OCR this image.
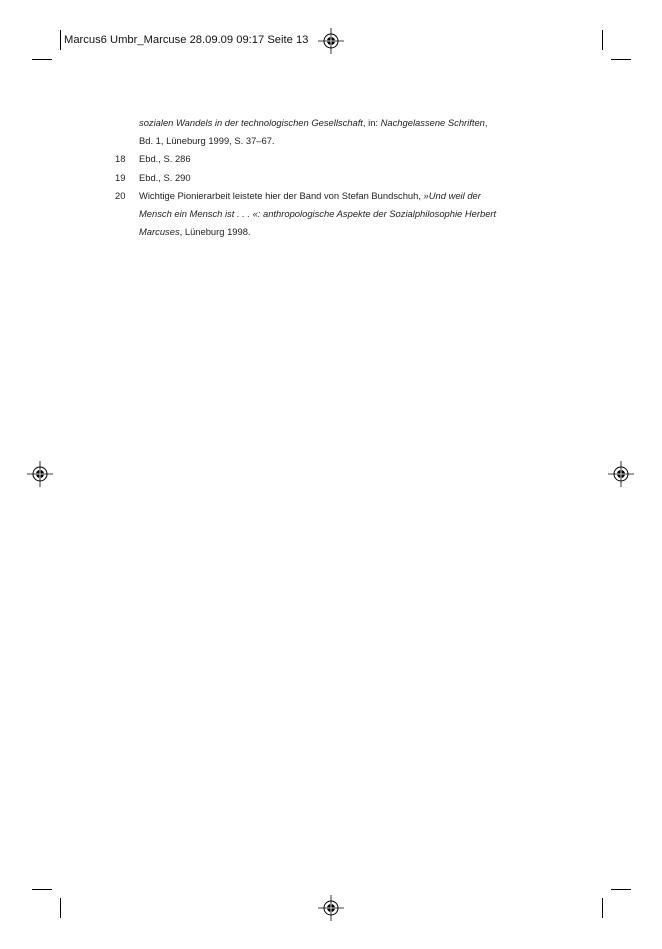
Marcus6 Umbr_Marcuse 28.09.09 09:17 Seite 13
sozialen Wandels in der technologischen Gesellschaft, in: Nachgelassene Schriften,
Bd. 1, Lüneburg 1999, S. 37–67.
18	Ebd., S. 286
19	Ebd., S. 290
20	Wichtige Pionierarbeit leistete hier der Band von Stefan Bundschuh, »Und weil der
Mensch ein Mensch ist . . . «: anthropologische Aspekte der Sozialphilosophie Herbert
Marcuses, Lüneburg 1998.
